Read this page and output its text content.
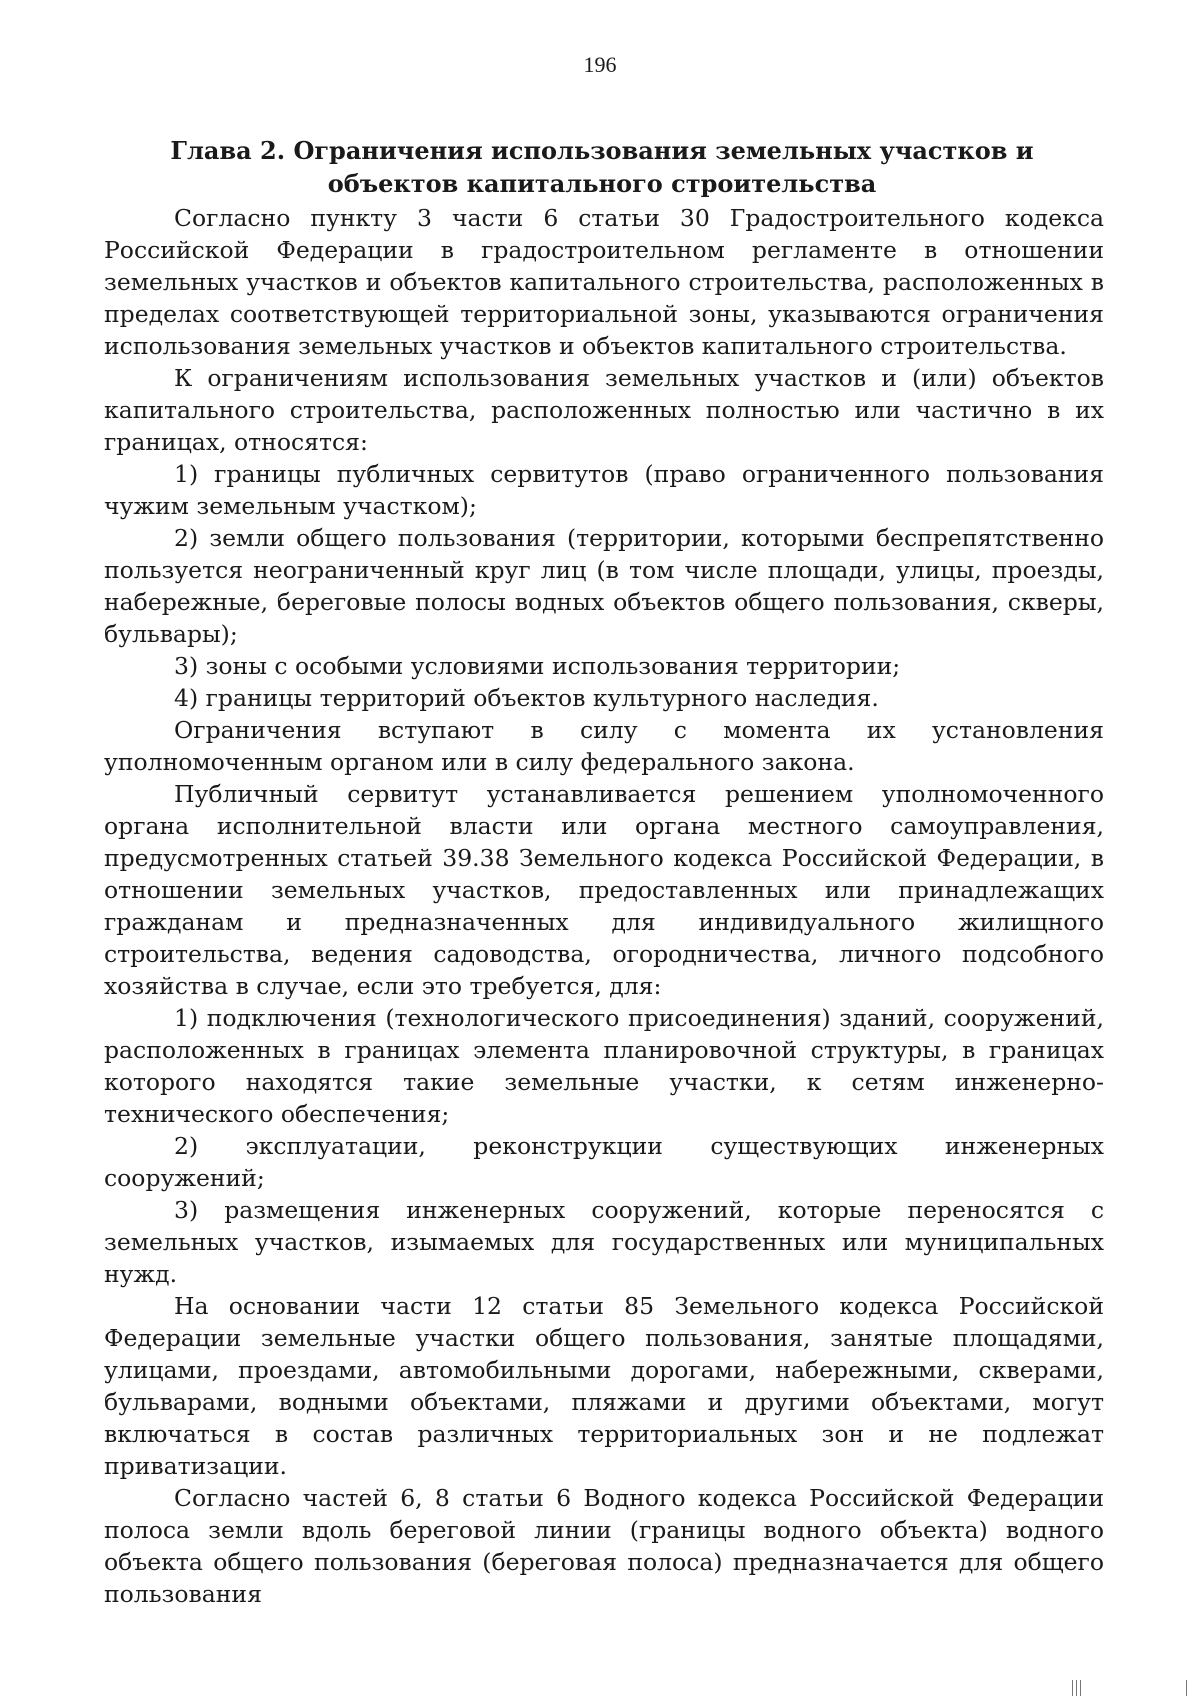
196
Глава 2. Ограничения использования земельных участков и объектов капитального строительства

Согласно пункту 3 части 6 статьи 30 Градостроительного кодекса Российской Федерации в градостроительном регламенте в отношении земельных участков и объектов капитального строительства, расположенных в пределах соответствующей территориальной зоны, указываются ограничения использования земельных участков и объектов капитального строительства.

К ограничениям использования земельных участков и (или) объектов капитального строительства, расположенных полностью или частично в их границах, относятся:

1) границы публичных сервитутов (право ограниченного пользования чужим земельным участком);

2) земли общего пользования (территории, которыми беспрепятственно пользуется неограниченный круг лиц (в том числе площади, улицы, проезды, набережные, береговые полосы водных объектов общего пользования, скверы, бульвары);

3) зоны с особыми условиями использования территории;

4) границы территорий объектов культурного наследия.

Ограничения вступают в силу с момента их установления уполномоченным органом или в силу федерального закона.

Публичный сервитут устанавливается решением уполномоченного органа исполнительной власти или органа местного самоуправления, предусмотренных статьей 39.38 Земельного кодекса Российской Федерации, в отношении земельных участков, предоставленных или принадлежащих гражданам и предназначенных для индивидуального жилищного строительства, ведения садоводства, огородничества, личного подсобного хозяйства в случае, если это требуется, для:

1) подключения (технологического присоединения) зданий, сооружений, расположенных в границах элемента планировочной структуры, в границах которого находятся такие земельные участки, к сетям инженерно-технического обеспечения;

2) эксплуатации, реконструкции существующих инженерных сооружений;

3) размещения инженерных сооружений, которые переносятся с земельных участков, изымаемых для государственных или муниципальных нужд.

На основании части 12 статьи 85 Земельного кодекса Российской Федерации земельные участки общего пользования, занятые площадями, улицами, проездами, автомобильными дорогами, набережными, скверами, бульварами, водными объектами, пляжами и другими объектами, могут включаться в состав различных территориальных зон и не подлежат приватизации.

Согласно частей 6, 8 статьи 6 Водного кодекса Российской Федерации полоса земли вдоль береговой линии (границы водного объекта) водного объекта общего пользования (береговая полоса) предназначается для общего пользования
